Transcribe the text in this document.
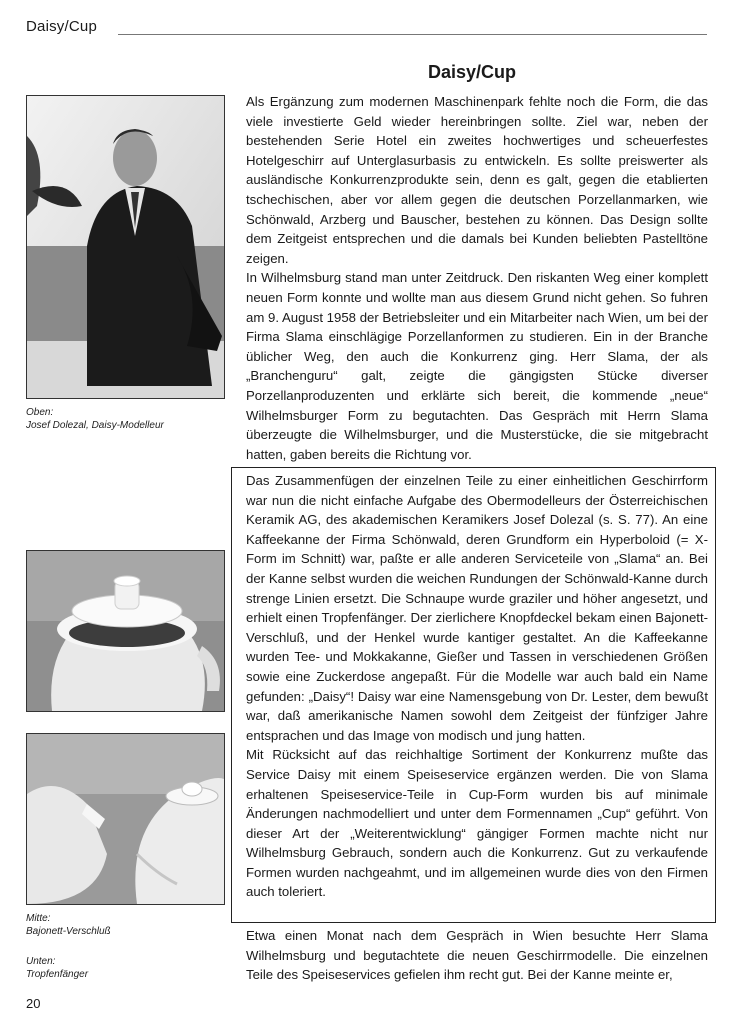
Daisy/Cup
Daisy/Cup
Oben:
Josef Dolezal, Daisy-Modelleur
Mitte:
Bajonett-Verschluß
Unten:
Tropfenfänger

Als Ergänzung zum modernen Maschinenpark fehlte noch die Form, die das viele investierte Geld wieder hereinbringen sollte. Ziel war, neben der bestehenden Serie Hotel ein zweites hochwertiges und scheuerfestes Hotelgeschirr auf Unterglasurbasis zu entwickeln. Es sollte preiswerter als ausländische Konkurrenzprodukte sein, denn es galt, gegen die etablierten tschechischen, aber vor allem gegen die deutschen Porzellanmarken, wie Schönwald, Arzberg und Bauscher, bestehen zu können. Das Design sollte dem Zeitgeist entsprechen und die damals bei Kunden beliebten Pastelltöne zeigen.

In Wilhelmsburg stand man unter Zeitdruck. Den riskanten Weg einer komplett neuen Form konnte und wollte man aus diesem Grund nicht gehen. So fuhren am 9. August 1958 der Betriebsleiter und ein Mitarbeiter nach Wien, um bei der Firma Slama einschlägige Porzellanformen zu studieren. Ein in der Branche üblicher Weg, den auch die Konkurrenz ging. Herr Slama, der als „Branchenguru“ galt, zeigte die gängigsten Stücke diverser Porzellanproduzenten und erklärte sich bereit, die kommende „neue“ Wilhelmsburger Form zu begutachten. Das Gespräch mit Herrn Slama überzeugte die Wilhelmsburger, und die Musterstücke, die sie mitgebracht hatten, gaben bereits die Richtung vor.

Das Zusammenfügen der einzelnen Teile zu einer einheitlichen Geschirrform war nun die nicht einfache Aufgabe des Obermodelleurs der Österreichischen Keramik AG, des akademischen Keramikers Josef Dolezal (s. S. 77). An eine Kaffeekanne der Firma Schönwald, deren Grundform ein Hyperboloid (= X-Form im Schnitt) war, paßte er alle anderen Serviceteile von „Slama“ an. Bei der Kanne selbst wurden die weichen Rundungen der Schönwald-Kanne durch strenge Linien ersetzt. Die Schnaupe wurde graziler und höher angesetzt, und erhielt einen Tropfenfänger. Der zierlichere Knopfdeckel bekam einen Bajonett-Verschluß, und der Henkel wurde kantiger gestaltet. An die Kaffeekanne wurden Tee- und Mokkakanne, Gießer und Tassen in verschiedenen Größen sowie eine Zuckerdose angepaßt. Für die Modelle war auch bald ein Name gefunden: „Daisy“! Daisy war eine Namensgebung von Dr. Lester, dem bewußt war, daß amerikanische Namen sowohl dem Zeitgeist der fünfziger Jahre entsprachen und das Image von modisch und jung hatten.

Mit Rücksicht auf das reichhaltige Sortiment der Konkurrenz mußte das Service Daisy mit einem Speiseservice ergänzen werden. Die von Slama erhaltenen Speiseservice-Teile in Cup-Form wurden bis auf minimale Änderungen nachmodelliert und unter dem Formennamen „Cup“ geführt. Von dieser Art der „Weiterentwicklung“ gängiger Formen machte nicht nur Wilhelmsburg Gebrauch, sondern auch die Konkurrenz. Gut zu verkaufende Formen wurden nachgeahmt, und im allgemeinen wurde dies von den Firmen auch toleriert.

Etwa einen Monat nach dem Gespräch in Wien besuchte Herr Slama Wilhelmsburg und begutachtete die neuen Geschirrmodelle. Die einzelnen Teile des Speiseservices gefielen ihm recht gut. Bei der Kanne meinte er,

20
